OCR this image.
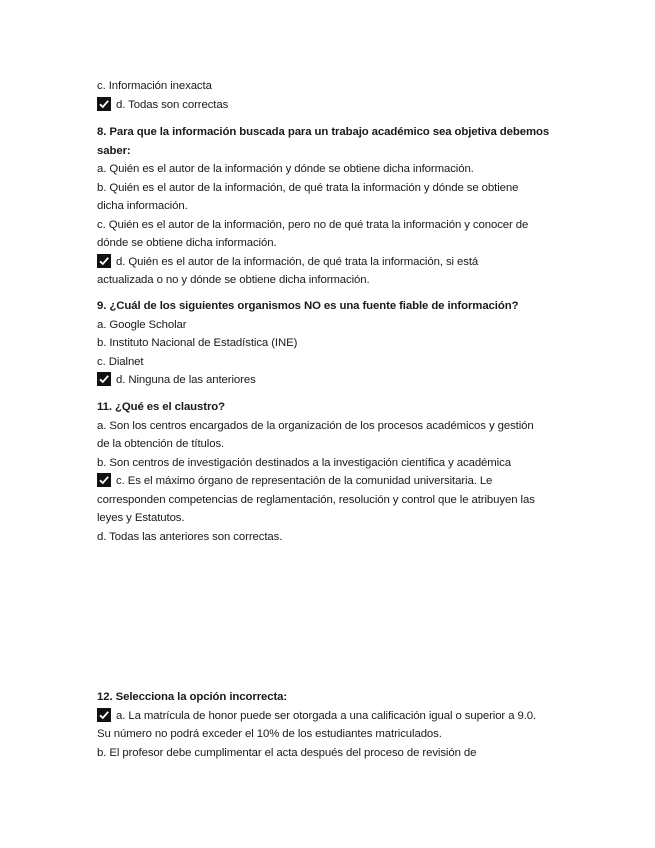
c. Información inexacta
d. Todas son correctas
8. Para que la información buscada para un trabajo académico sea objetiva debemos
saber:
a. Quién es el autor de la información y dónde se obtiene dicha información.
b. Quién es el autor de la información, de qué trata la información y dónde se obtiene
dicha información.
c. Quién es el autor de la información, pero no de qué trata la información y conocer de
dónde se obtiene dicha información.
d. Quién es el autor de la información, de qué trata la información, si está
actualizada o no y dónde se obtiene dicha información.
9. ¿Cuál de los siguientes organismos NO es una fuente fiable de información?
a. Google Scholar
b. Instituto Nacional de Estadística (INE)
c. Dialnet
d. Ninguna de las anteriores
11. ¿Qué es el claustro?
a. Son los centros encargados de la organización de los procesos académicos y gestión
de la obtención de títulos.
b. Son centros de investigación destinados a la investigación científica y académica
c. Es el máximo órgano de representación de la comunidad universitaria. Le
corresponden competencias de reglamentación, resolución y control que le atribuyen las
leyes y Estatutos.
d. Todas las anteriores son correctas.
12. Selecciona la opción incorrecta:
a. La matrícula de honor puede ser otorgada a una calificación igual o superior a 9.0.
Su número no podrá exceder el 10% de los estudiantes matriculados.
b. El profesor debe cumplimentar el acta después del proceso de revisión de
